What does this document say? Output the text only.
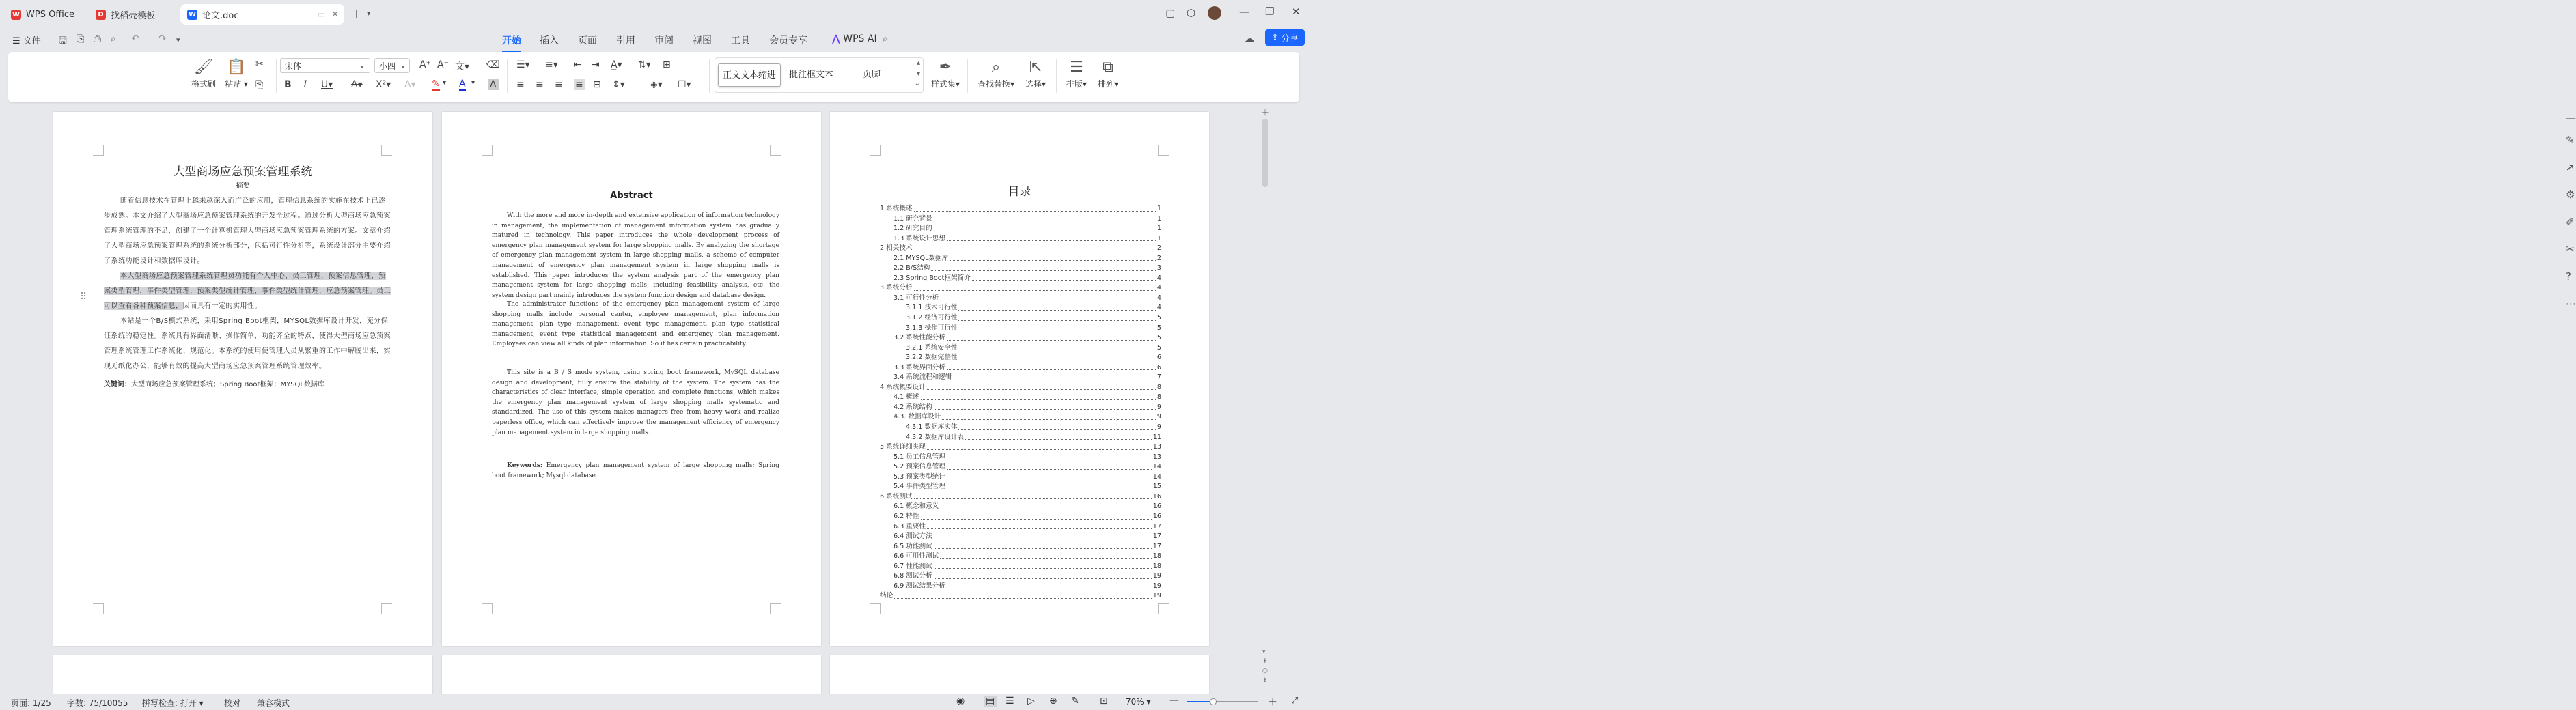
W WPS Office	D 找稻壳模板	W 论文.doc	▭ ✕ ＋ ▾	▢ ⬡	— ❐ ✕
☰ 文件 🖫 ⎘ ⎙ ⌕ ↶ ↷ ▾	开始 插入 页面 引用 审阅 视图 工具 会员专享	⋀ WPS AI ⌕	☁	⇪ 分享
🖌
格式刷
📋
粘贴 ▾
✂
⎘
宋体	⌄	小四 ⌄ A⁺ A⁻ 文▾ ⌫
B I U▾ A▾ X²▾ A▾ ✎ ▾ A ▾ A
☰▾ ≡▾ ⇤ ⇥ A̲▾ ⇅▾ ⊞
≡ ≡ ≡ ≡ ⊟ ↕▾	◈▾ ☐▾
正文文本缩进	批注框文本	页脚
▴
▾
⌄
✒
样式集▾
⌕
查找替换▾
⇱
选择▾
☰
排版▾
⧉
排列▾
大型商场应急预案管理系统
摘要
随着信息技术在管理上越来越深入而广泛的应用，管理信息系统的实施在技术上已逐步成熟。本文介绍了大型商场应急预案管理系统的开发全过程。通过分析大型商场应急预案管理系统管理的不足，创建了一个计算机管理大型商场应急预案管理系统的方案。文章介绍了大型商场应急预案管理系统的系统分析部分，包括可行性分析等，系统设计部分主要介绍了系统功能设计和数据库设计。
本大型商场应急预案管理系统管理员功能有个人中心，员工管理，预案信息管理，预案类型管理，事件类型管理，预案类型统计管理，事件类型统计管理，应急预案管理。员工可以查看各种预案信息，因而具有一定的实用性。
本站是一个B/S模式系统，采用Spring Boot框架，MYSQL数据库设计开发，充分保证系统的稳定性。系统具有界面清晰、操作简单，功能齐全的特点，使得大型商场应急预案管理系统管理工作系统化、规范化。本系统的使用使管理人员从繁重的工作中解脱出来，实现无纸化办公，能够有效的提高大型商场应急预案管理系统管理效率。
关键词：大型商场应急预案管理系统；Spring Boot框架；MYSQL数据库
⠿
Abstract
With the more and more in-depth and extensive application of information technology in management, the implementation of management information system has gradually matured in technology. This paper introduces the whole development process of emergency plan management system for large shopping malls. By analyzing the shortage of emergency plan management system in large shopping malls, a scheme of computer management of emergency plan management system in large shopping malls is established. This paper introduces the system analysis part of the emergency plan management system for large shopping malls, including feasibility analysis, etc. the system design part mainly introduces the system function design and database design.
The administrator functions of the emergency plan management system of large shopping malls include personal center, employee management, plan information management, plan type management, event type management, plan type statistical management, event type statistical management and emergency plan management. Employees can view all kinds of plan information. So it has certain practicability.
This site is a B / S mode system, using spring boot framework, MySQL database design and development, fully ensure the stability of the system. The system has the characteristics of clear interface, simple operation and complete functions, which makes the emergency plan management system of large shopping malls systematic and standardized. The use of this system makes managers free from heavy work and realize paperless office, which can effectively improve the management efficiency of emergency plan management system in large shopping malls.
Keywords: Emergency plan management system of large shopping malls; Spring boot framework; Mysql database
目录
1 系统概述	1
1.1 研究背景	1
1.2 研究目的	1
1.3 系统设计思想	1
2 相关技术	2
2.1 MYSQL数据库	2
2.2 B/S结构	3
2.3 Spring Boot框架简介	4
3 系统分析	4
3.1 可行性分析	4
3.1.1 技术可行性	4
3.1.2 经济可行性	5
3.1.3 操作可行性	5
3.2 系统性能分析	5
3.2.1 系统安全性	5
3.2.2 数据完整性	6
3.3 系统界面分析	6
3.4 系统流程和逻辑	7
4 系统概要设计	8
4.1 概述	8
4.2 系统结构	9
4.3. 数据库设计	9
4.3.1 数据库实体	9
4.3.2 数据库设计表	11
5 系统详细实现	13
5.1 员工信息管理	13
5.2 预案信息管理	14
5.3 预案类型统计	14
5.4 事件类型管理	15
6 系统测试	16
6.1 概念和意义	16
6.2 特性	16
6.3 重要性	17
6.4 测试方法	17
6.5 功能测试	17
6.6 可用性测试	18
6.7 性能测试	18
6.8 测试分析	19
6.9 测试结果分析	19
结论	19
＋
▾
⇞
○
⇟
—
✎
➚
⚙
✐
✂
?
⋯
页面: 1/25 字数: 75/10055 拼写检查: 打开 ▾	校对 兼容模式	◉ ▤ ☰ ▷ ⊕ ✎ ⊡ 70% ▾ —	＋ ⤢
